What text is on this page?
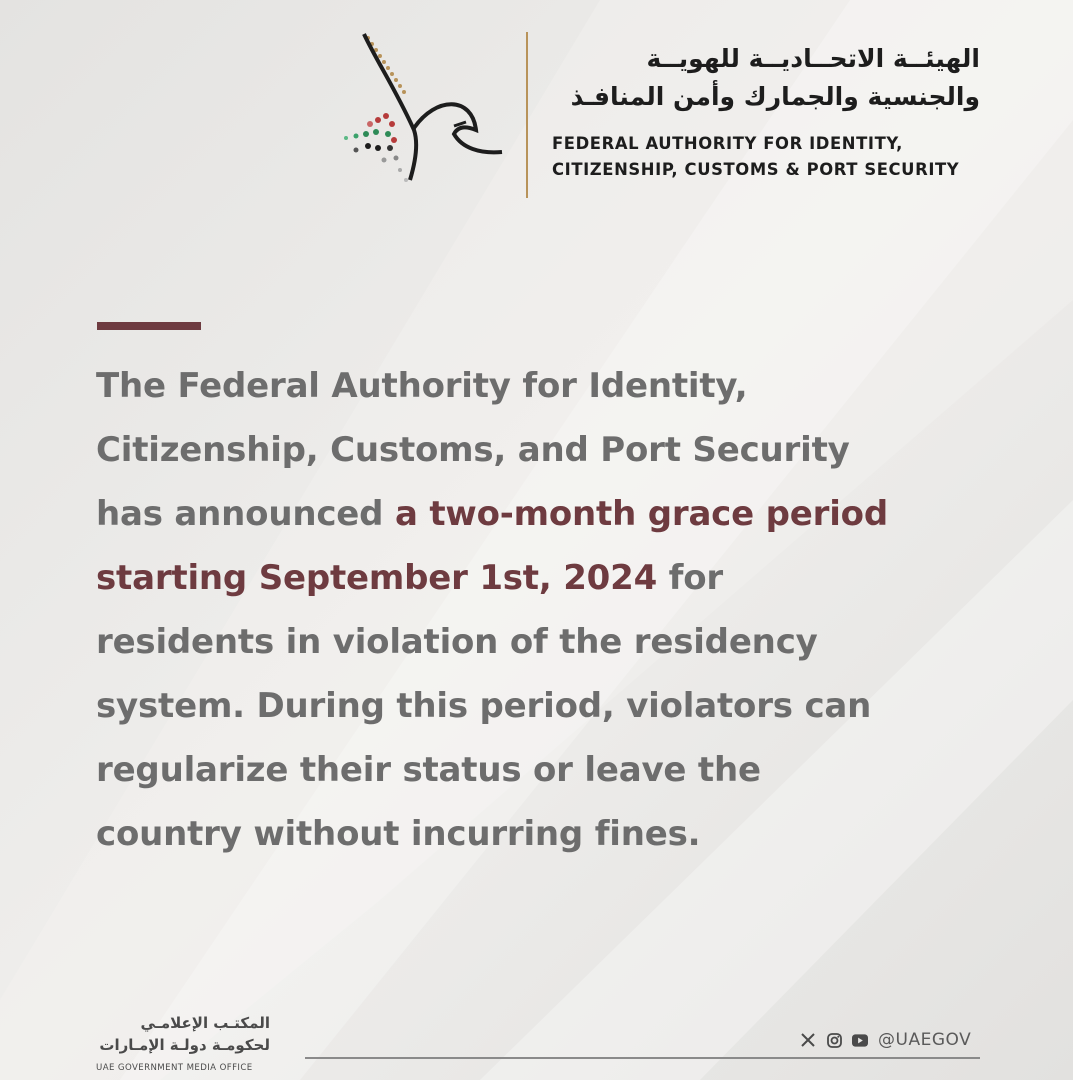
الهيئــة الاتحــاديــة للهويــة
والجنسية والجمارك وأمن المنافـذ
FEDERAL AUTHORITY FOR IDENTITY,
CITIZENSHIP, CUSTOMS & PORT SECURITY
The Federal Authority for Identity,
Citizenship, Customs, and Port Security
has announced a two-month grace period
starting September 1st, 2024 for
residents in violation of the residency
system. During this period, violators can
regularize their status or leave the
country without incurring fines.
المكتـب الإعلامـي
لحكومـة دولـة الإمـارات
UAE GOVERNMENT MEDIA OFFICE
@UAEGOV
